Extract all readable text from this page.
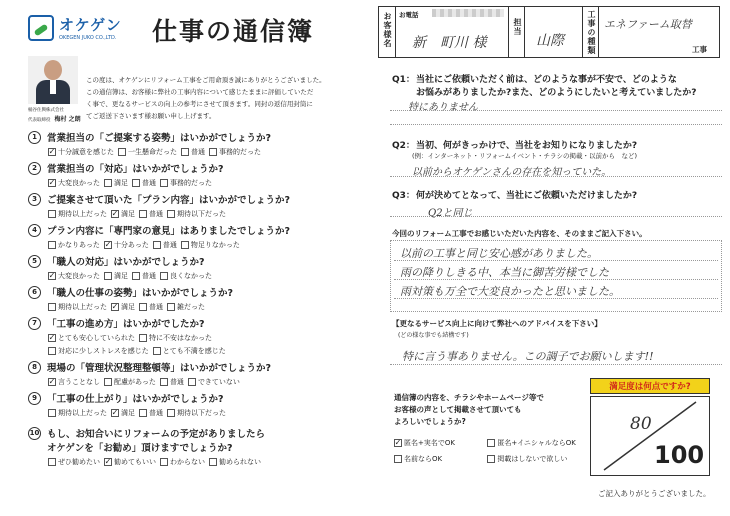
オケゲン
OKEGEN JUKO CO.,LTD. 仕事の通信簿
桶谷住興株式会社
代表取締役 梅村 之朗
この度は、オケゲンにリフォーム工事をご用命頂き誠にありがとうございました。
この通信簿は、お客様に弊社の工事内容について感じたままに評価していただ
く事で、更なるサービスの向上の参考にさせて頂きます。同封の返信用封筒に
てご返送下さいます様お願い申し上げます。
1	営業担当の「ご提案する姿勢」はいかがでしょうか?
✓ 十分誠意を感じた 一生懸命だった 普通 事務的だった
2	営業担当の「対応」はいかがでしょうか?
✓ 大変良かった 満足 普通 事務的だった
3	ご提案させて頂いた「プラン内容」はいかがでしょうか?
期待以上だった ✓ 満足 普通 期待以下だった
4	プラン内容に「専門家の意見」はありましたでしょうか?
かなりあった ✓ 十分あった 普通 物足りなかった
5	「職人の対応」はいかがでしょうか?
✓ 大変良かった 満足 普通 良くなかった
6	「職人の仕事の姿勢」はいかがでしょうか?
期待以上だった ✓ 満足 普通 雑だった
7	「工事の進め方」はいかがでしたか?
✓ とても安心していられた 特に不安はなかった
対応に少しストレスを感じた とても不満を感じた
8	現場の「管理状況整理整頓等」はいかがでしょうか?
✓ 言うことなし 配慮があった 普通 できていない
9	「工事の仕上がり」はいかがでしょうか?
期待以上だった ✓ 満足 普通 期待以下だった
10 もし、お知合いにリフォームの予定がありましたら
オケゲンを「お勧め」頂けますでしょうか?
ぜひ勧めたい ✓ 勧めてもいい わからない 勧められない
お客様名 お電話
新　町川 様
担当
山際	工事の種類 エネファーム取替
工事
Q1： 当社にご依頼いただく前は、どのような事が不安で、どのような
お悩みがありましたか?また、どのようにしたいと考えていましたか?
特にありません
Q2： 当初、何がきっかけで、当社をお知りになりましたか?
(例：インターネット・リフォームイベント・チラシの掲載・以前から　など)
以前からオケゲンさんの存在を知っていた。
Q3： 何が決めてとなって、当社にご依頼いただけましたか?
Q2と同じ
今回のリフォーム工事でお感じいただいた内容を、そのままご記入下さい。
以前の工事と同じ安心感がありました。
雨の降りしきる中、本当に御苦労様でした
雨対策も万全で大変良かったと思いました。
【更なるサービス向上に向けて弊社へのアドバイスを下さい】
(どの様な事でも結構です)
特に言う事ありません。この調子でお願いします!!
通信簿の内容を、チラシやホームページ等で
お客様の声として掲載させて頂いても
よろしいでしょうか?
✓ 匿名+実名でOK	匿名+イニシャルならOK
名前ならOK	掲載はしないで欲しい
満足度は何点ですか?
80
100
ご記入ありがとうございました。
